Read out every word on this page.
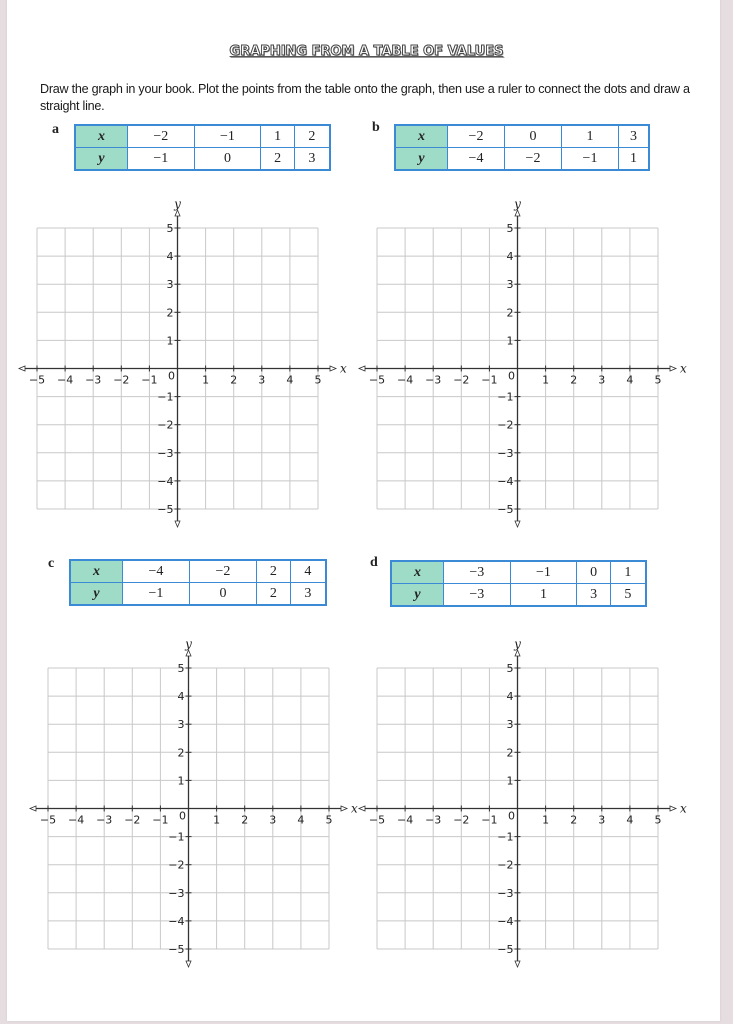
GRAPHING FROM A TABLE OF VALUES
Draw the graph in your book. Plot the points from the table onto the graph, then use a ruler to connect the dots and draw a straight line.
a	x	−2	−1	1	2
y	−1	0	2	3
b
x	−2	0	1	3
y	−4	−2	−1	1
c	x	−4	−2	2	4
y	−1	0	2	3
d
x	−3	−1	0	1
y	−3	1	3	5
−5 −4 −3 −2 −1 0 1 2 3 4 5
5
4
3
2
1
−1
−2
−3
−4
−5
x
y
−5 −4 −3 −2 −1 0 1 2 3 4 5
5
4
3
2
1
−1
−2
−3
−4
−5
x
y
−5 −4 −3 −2 −1 0 1 2 3 4 5
5
4
3
2
1
−1
−2
−3
−4
−5
x
y
−5 −4 −3 −2 −1 0 1 2 3 4 5
5
4
3
2
1
−1
−2
−3
−4
−5
x
y
